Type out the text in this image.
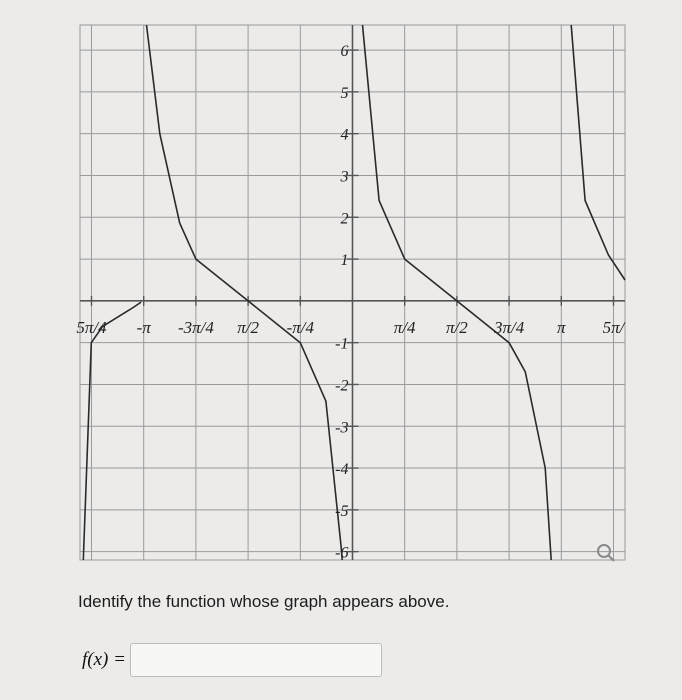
5π/4 -π -3π/4 π/2 -π/4	π/4 π/2 3π/4 π 5π/
6
5
4
3
2
1
-1
-2
-3
-4
-5
-6

Identify the function whose graph appears above.

f(x) =
